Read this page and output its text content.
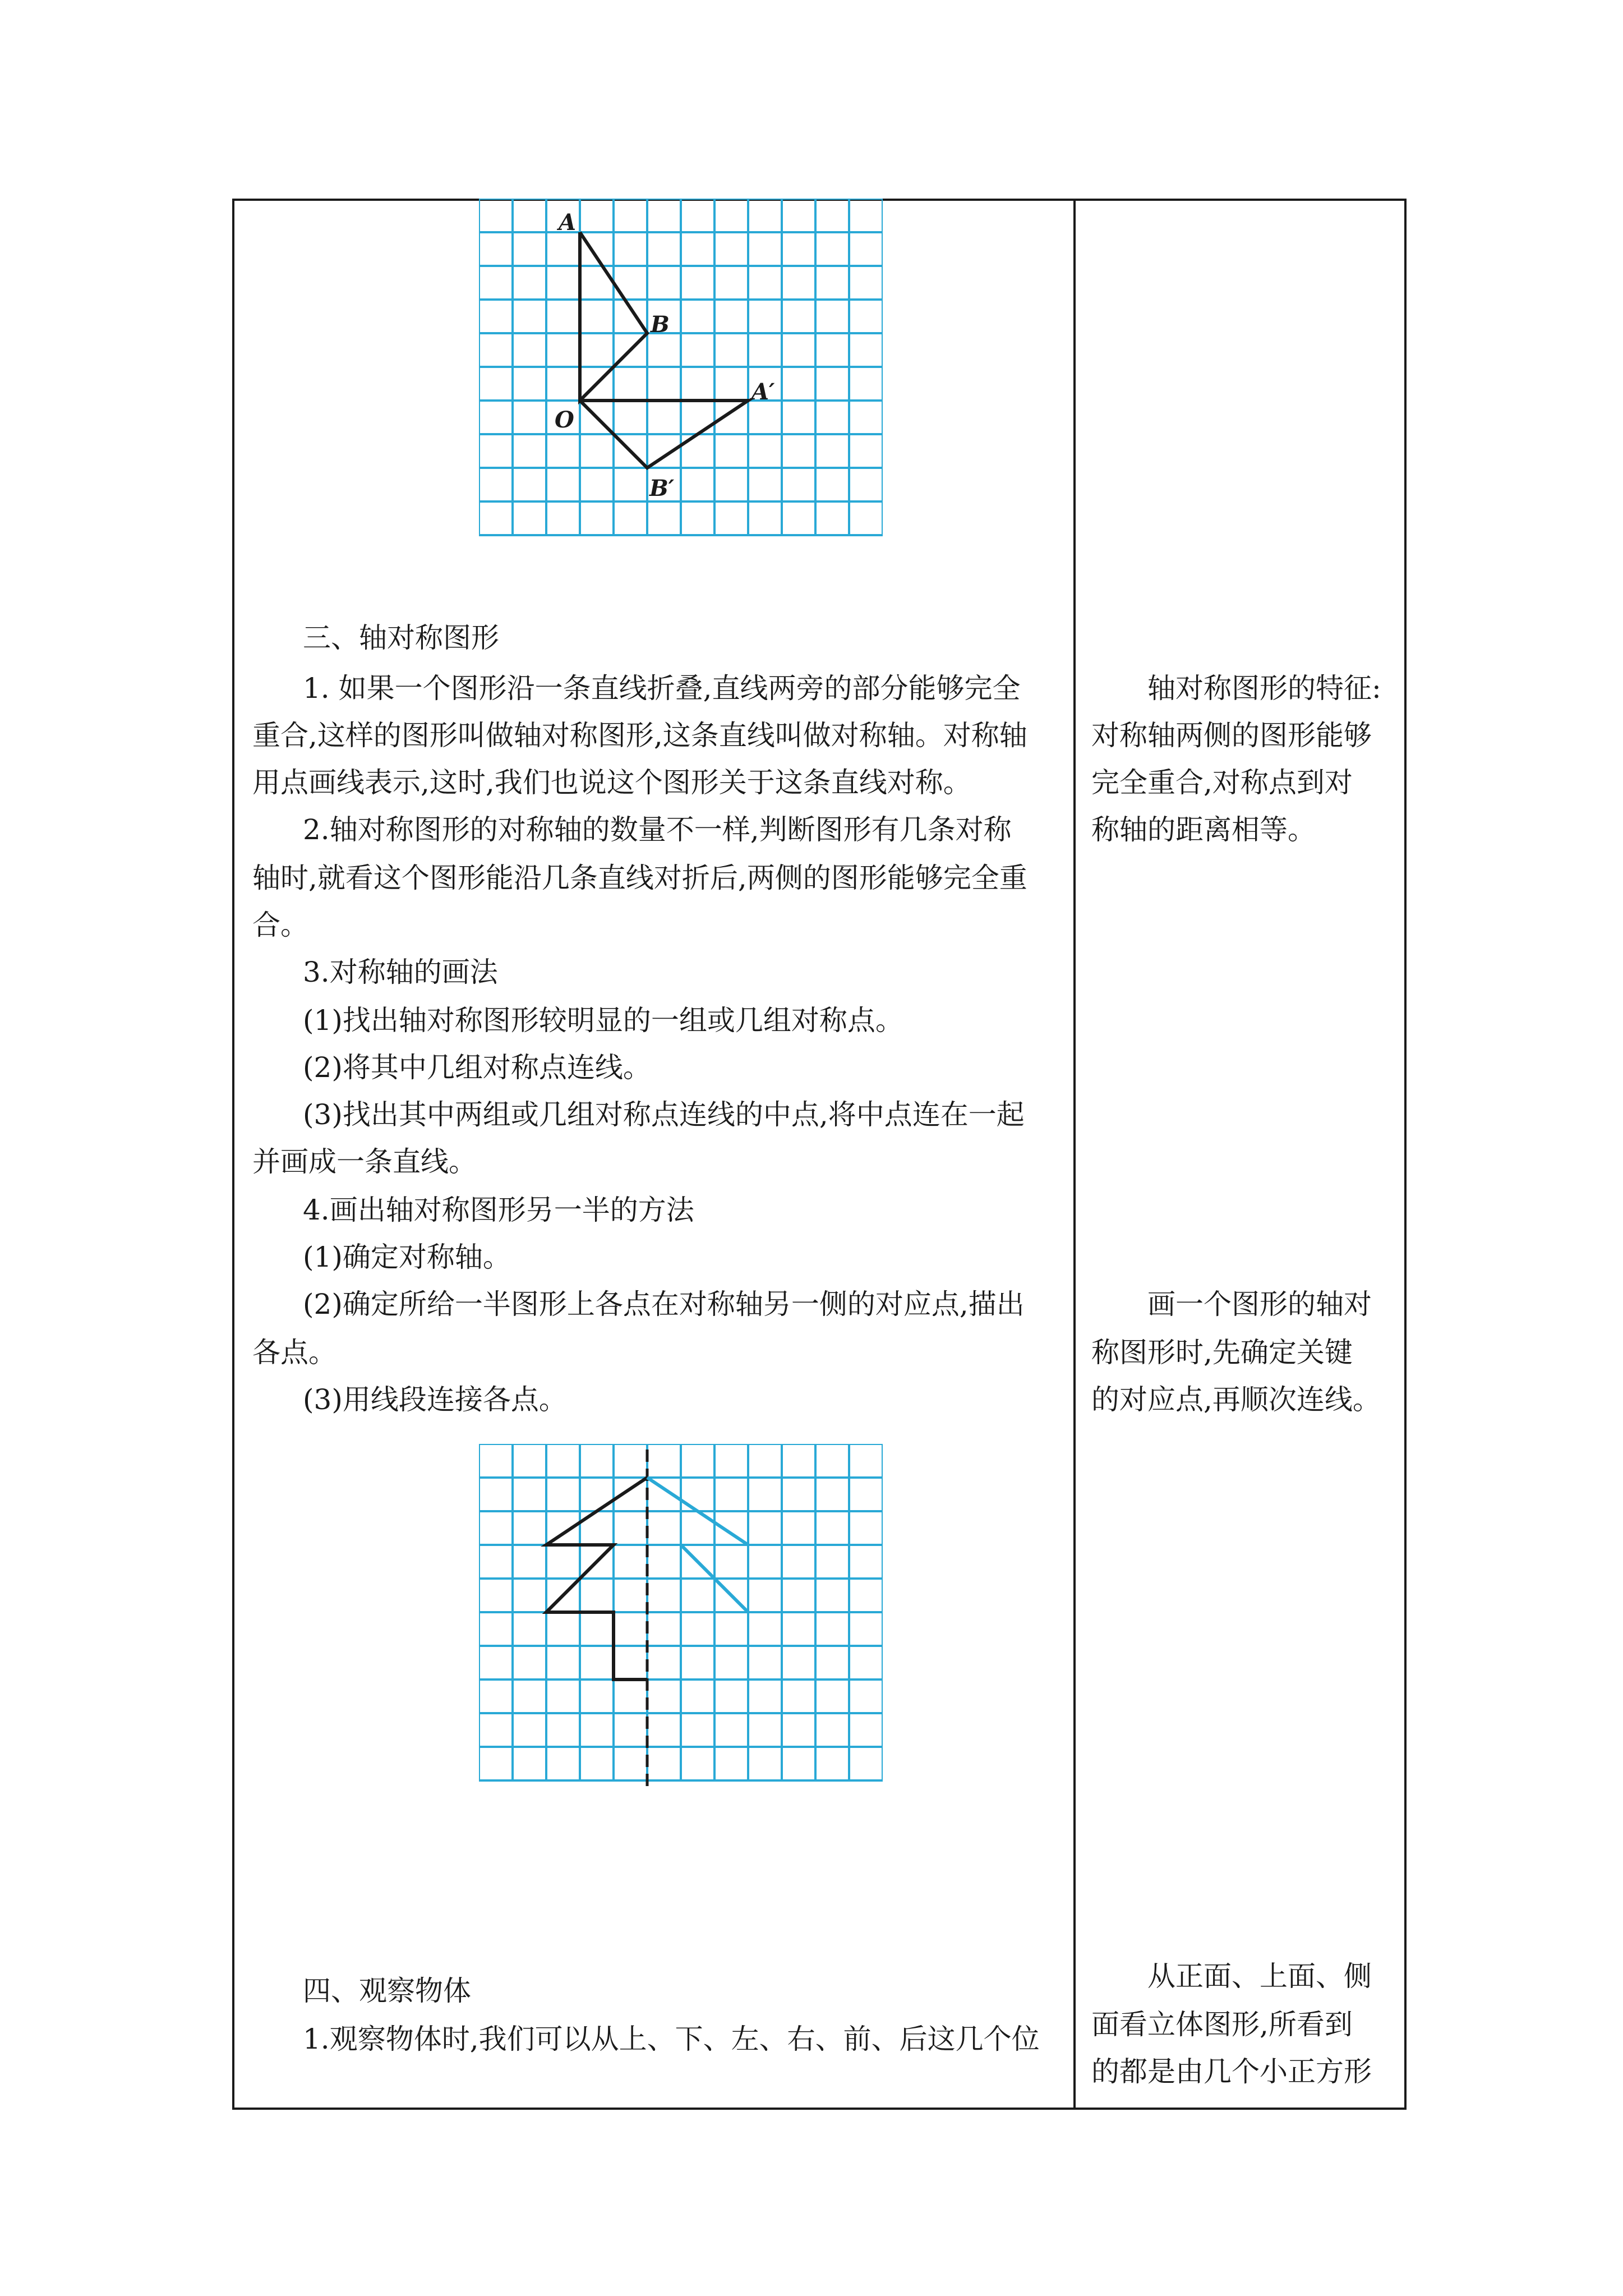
A
B
O
A′
B′

三、轴对称图形

1. 如果一个图形沿一条直线折叠,直线两旁的部分能够完全

重合,这样的图形叫做轴对称图形,这条直线叫做对称轴。对称轴

用点画线表示,这时,我们也说这个图形关于这条直线对称。

2.轴对称图形的对称轴的数量不一样,判断图形有几条对称

轴时,就看这个图形能沿几条直线对折后,两侧的图形能够完全重

合。

3.对称轴的画法

(1)找出轴对称图形较明显的一组或几组对称点。

(2)将其中几组对称点连线。

(3)找出其中两组或几组对称点连线的中点,将中点连在一起

并画成一条直线。

4.画出轴对称图形另一半的方法

(1)确定对称轴。

(2)确定所给一半图形上各点在对称轴另一侧的对应点,描出

各点。

(3)用线段连接各点。

四、观察物体

1.观察物体时,我们可以从上、下、左、右、前、后这几个位

轴对称图形的特征:

对称轴两侧的图形能够

完全重合,对称点到对

称轴的距离相等。

画一个图形的轴对

称图形时,先确定关键

的对应点,再顺次连线。

从正面、上面、侧

面看立体图形,所看到

的都是由几个小正方形
